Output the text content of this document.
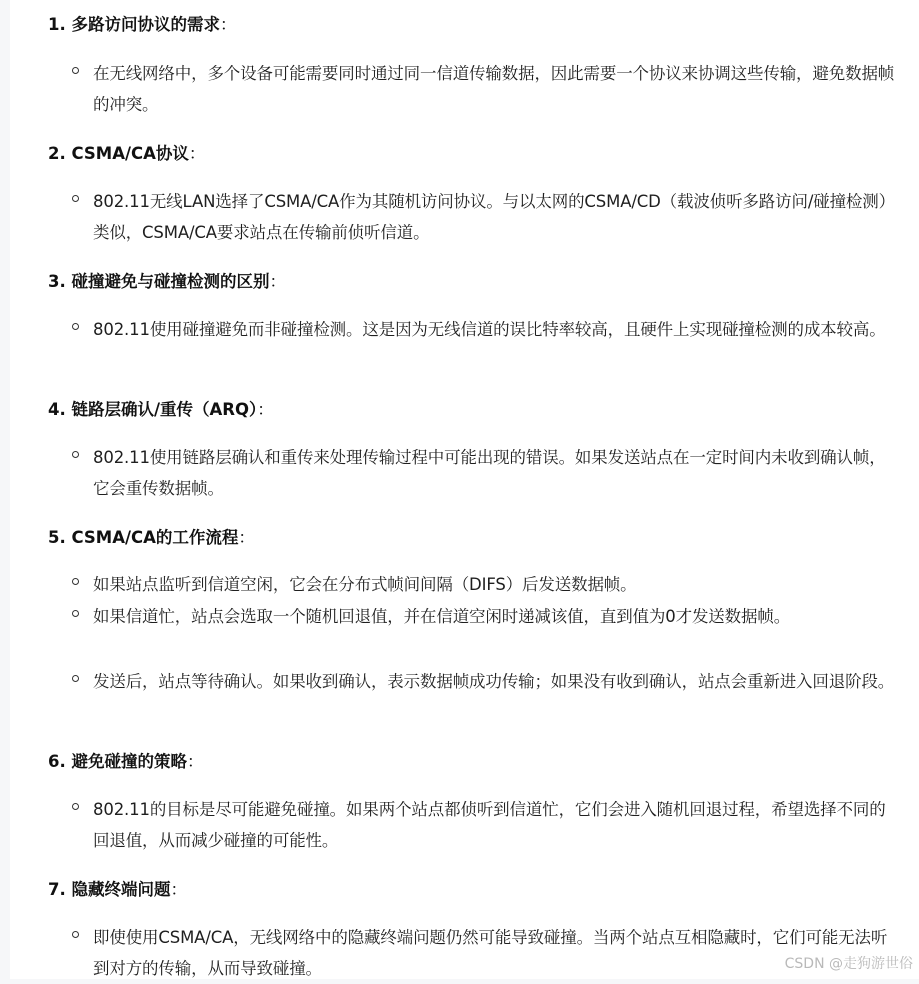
1. 多路访问协议的需求：

在无线网络中，多个设备可能需要同时通过同一信道传输数据，因此需要一个协议来协调这些传输，避免数据帧的冲突。

2. CSMA/CA协议：

802.11无线LAN选择了CSMA/CA作为其随机访问协议。与以太网的CSMA/CD（载波侦听多路访问/碰撞检测）类似，CSMA/CA要求站点在传输前侦听信道。

3. 碰撞避免与碰撞检测的区别：

802.11使用碰撞避免而非碰撞检测。这是因为无线信道的误比特率较高，且硬件上实现碰撞检测的成本较高。

4. 链路层确认/重传（ARQ）：

802.11使用链路层确认和重传来处理传输过程中可能出现的错误。如果发送站点在一定时间内未收到确认帧，它会重传数据帧。

5. CSMA/CA的工作流程：

如果站点监听到信道空闲，它会在分布式帧间间隔（DIFS）后发送数据帧。

如果信道忙，站点会选取一个随机回退值，并在信道空闲时递减该值，直到值为0才发送数据帧。

发送后，站点等待确认。如果收到确认，表示数据帧成功传输；如果没有收到确认，站点会重新进入回退阶段。

6. 避免碰撞的策略：

802.11的目标是尽可能避免碰撞。如果两个站点都侦听到信道忙，它们会进入随机回退过程，希望选择不同的回退值，从而减少碰撞的可能性。

7. 隐藏终端问题：

即使使用CSMA/CA，无线网络中的隐藏终端问题仍然可能导致碰撞。当两个站点互相隐藏时，它们可能无法听到对方的传输，从而导致碰撞。	CSDN @走狗游世俗
